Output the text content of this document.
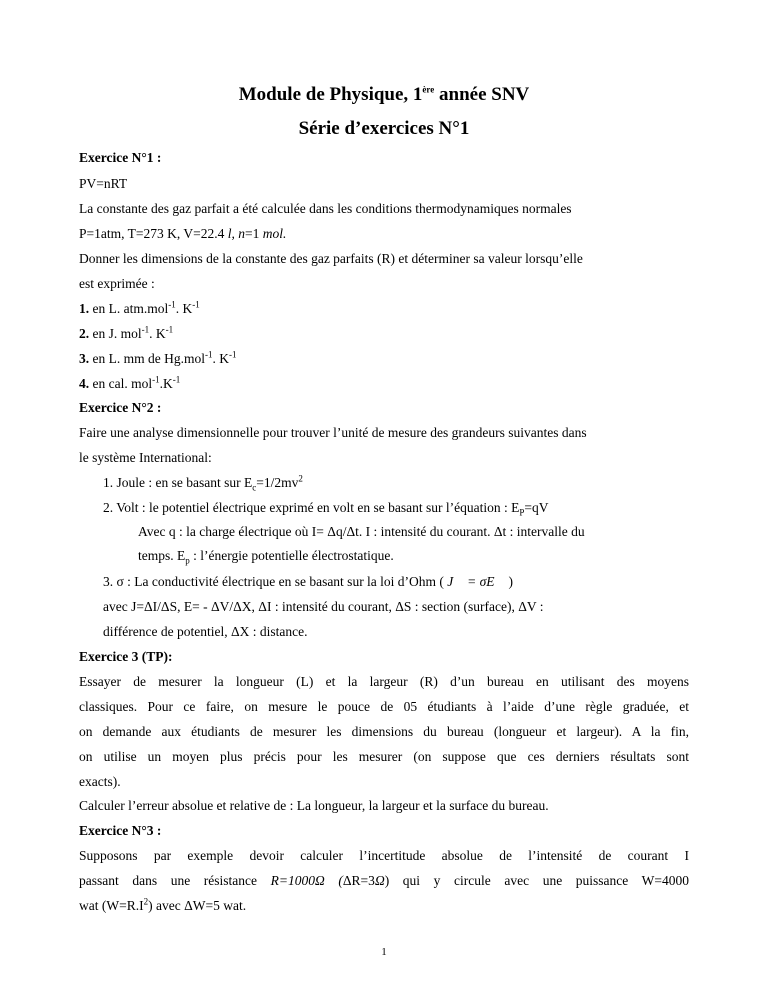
Module de Physique, 1ère année SNV
Série d’exercices N°1
Exercice N°1 :
PV=nRT
La constante des gaz parfait a été calculée dans les conditions thermodynamiques normales
P=1atm, T=273 K, V=22.4 l, n=1 mol.
Donner les dimensions de la constante des gaz parfaits (R) et déterminer sa valeur lorsqu’elle
est exprimée :
1. en L. atm.mol$^{-1}$. $K^{-1}$
2. en J. mol$^{-1}$. $K^{-1}$
3. en L. mm de Hg.mol$^{-1}$. $K^{-1}$
4. en cal. $mol^{-1}.K^{-1}$
Exercice N°2 :
Faire une analyse dimensionnelle pour trouver l’unité de mesure des grandeurs suivantes dans
le système International:
1. Joule : en se basant sur $E_c=1/2mv^2$
2. Volt : le potentiel électrique exprimé en volt en se basant sur l’équation : $E_P=qV$
Avec q : la charge électrique où I= Δq/Δt. I : intensité du courant. Δt : intervalle du
temps. $E_p$ : l’énergie potentielle électrostatique.
3. σ : La conductivité électrique en se basant sur la loi d’Ohm ( J⃗ = σE⃗ )
avec J=ΔI/ΔS, E= - ΔV/ΔX, ΔI : intensité du courant, ΔS : section (surface), ΔV :
différence de potentiel, ΔX : distance.
Exercice 3 (TP):
Essayer de mesurer la longueur (L) et la largeur (R) d’un bureau en utilisant des moyens
classiques. Pour ce faire, on mesure le pouce de 05 étudiants à l’aide d’une règle graduée, et
on demande aux étudiants de mesurer les dimensions du bureau (longueur et largeur). A la fin,
on utilise un moyen plus précis pour les mesurer (on suppose que ces derniers résultats sont
exacts).
Calculer l’erreur absolue et relative de : La longueur, la largeur et la surface du bureau.
Exercice N°3 :
Supposons par exemple devoir calculer l’incertitude absolue de l’intensité de courant I
passant dans une résistance R=1000Ω (ΔR=3Ω) qui y circule avec une puissance W=4000
wat $(W=R.I^2)$ avec ΔW=5 wat.
1
